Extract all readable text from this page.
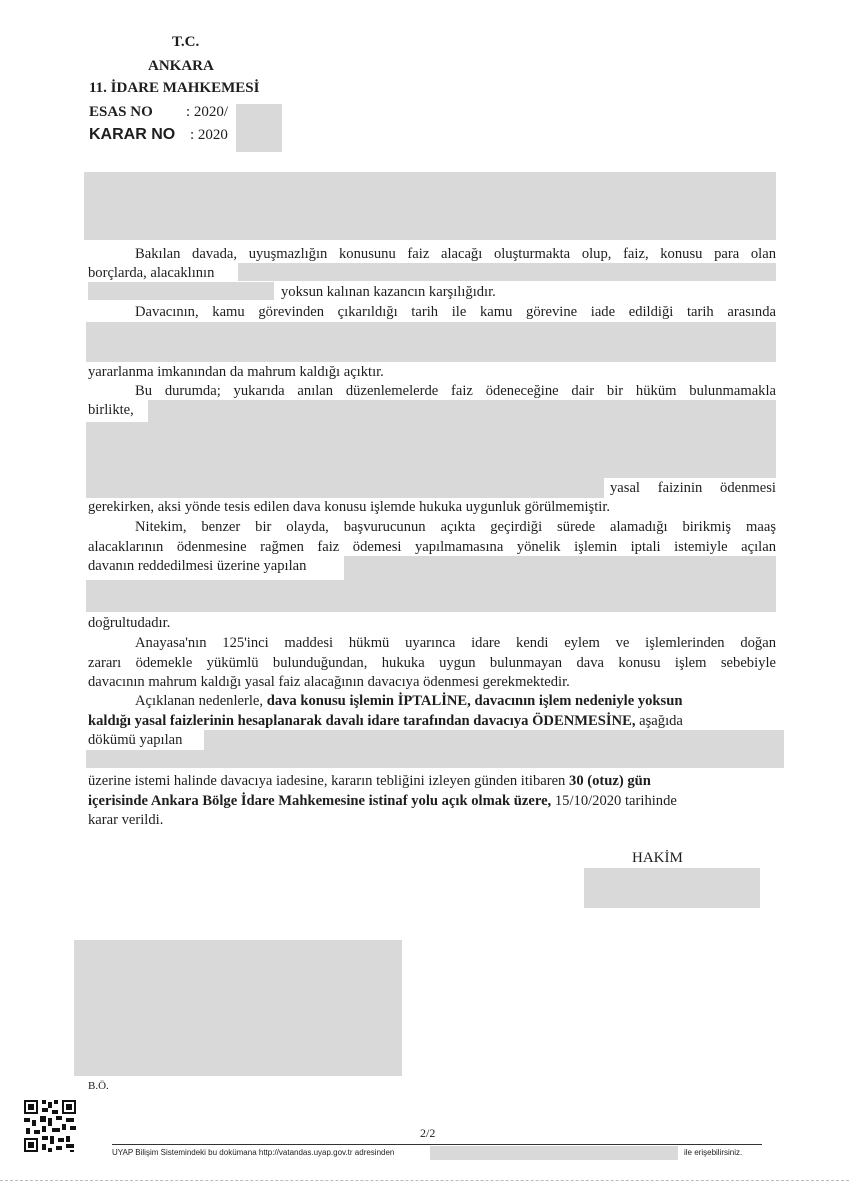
T.C.
ANKARA
11. İDARE MAHKEMESİ
ESAS NO : 2020/
KARAR NO : 2020
Bakılan davada, uyuşmazlığın konusunu faiz alacağı oluşturmakta olup, faiz, konusu para olan
borçlarda, alacaklının
yoksun kalınan kazancın karşılığıdır.
Davacının, kamu görevinden çıkarıldığı tarih ile kamu görevine iade edildiği tarih arasında
yararlanma imkanından da mahrum kaldığı açıktır.
Bu durumda; yukarıda anılan düzenlemelerde faiz ödeneceğine dair bir hüküm bulunmamakla
birlikte,
yasal faizinin ödenmesi
gerekirken, aksi yönde tesis edilen dava konusu işlemde hukuka uygunluk görülmemiştir.
Nitekim, benzer bir olayda, başvurucunun açıkta geçirdiği sürede alamadığı birikmiş maaş
alacaklarının ödenmesine rağmen faiz ödemesi yapılmamasına yönelik işlemin iptali istemiyle açılan
davanın reddedilmesi üzerine yapılan
doğrultudadır.
Anayasa'nın 125'inci maddesi hükmü uyarınca idare kendi eylem ve işlemlerinden doğan
zararı ödemekle yükümlü bulunduğundan, hukuka uygun bulunmayan dava konusu işlem sebebiyle
davacının mahrum kaldığı yasal faiz alacağının davacıya ödenmesi gerekmektedir.
Açıklanan nedenlerle, dava konusu işlemin İPTALİNE, davacının işlem nedeniyle yoksun
kaldığı yasal faizlerinin hesaplanarak davalı idare tarafından davacıya ÖDENMESİNE, aşağıda
dökümü yapılan
üzerine istemi halinde davacıya iadesine, kararın tebliğini izleyen günden itibaren 30 (otuz) gün
içerisinde Ankara Bölge İdare Mahkemesine istinaf yolu açık olmak üzere, 15/10/2020 tarihinde
karar verildi.
HAKİM
B.Ö.
2/2
UYAP Bilişim Sistemindeki bu dokümana http://vatandas.uyap.gov.tr adresinden	ile erişebilirsiniz.
